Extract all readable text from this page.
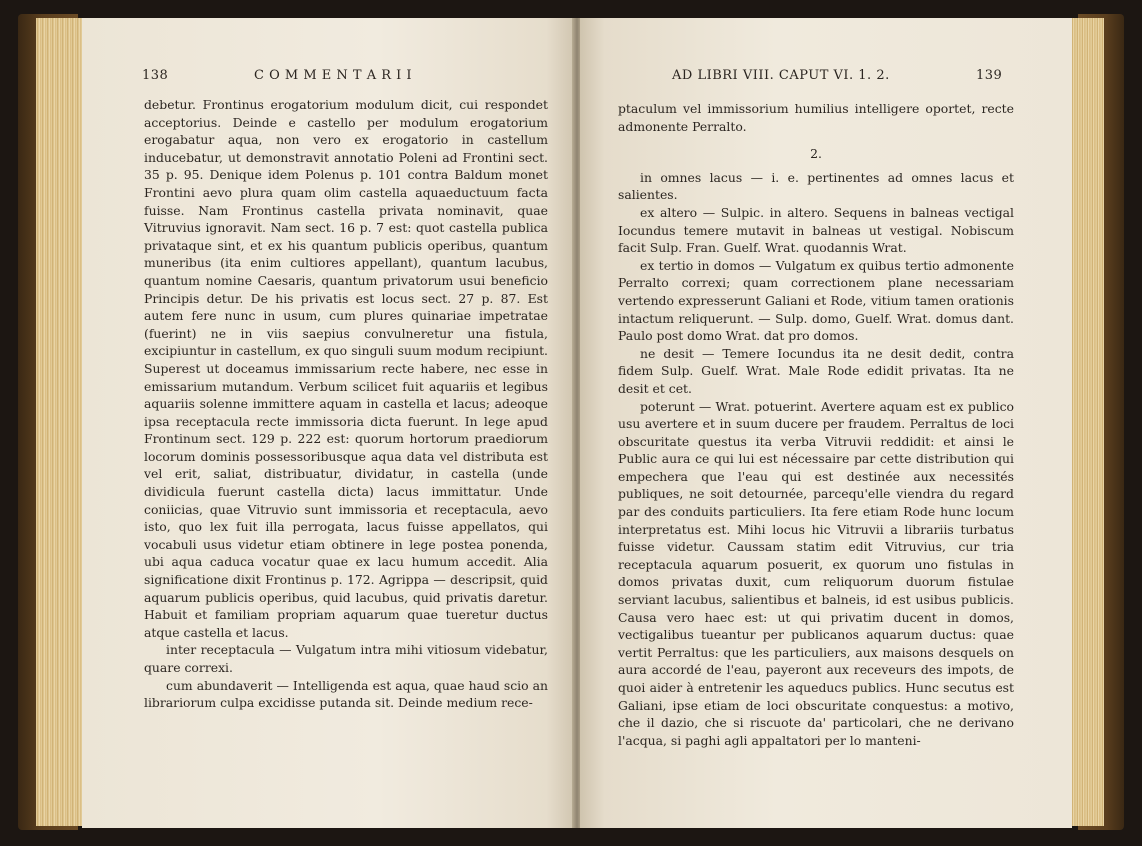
138	C O M M E N T A R I I

debetur. Frontinus erogatorium modulum dicit, cui respondet acceptorius. Deinde e castello per modulum erogatorium erogabatur aqua, non vero ex erogatorio in castellum inducebatur, ut demonstravit annotatio Poleni ad Frontini sect. 35 p. 95. Denique idem Polenus p. 101 contra Baldum monet Frontini aevo plura quam olim castella aquaeductuum facta fuisse. Nam Frontinus castella privata nominavit, quae Vitruvius ignoravit. Nam sect. 16 p. 7 est: quot castella publica privataque sint, et ex his quantum publicis operibus, quantum muneribus (ita enim cultiores appellant), quantum lacubus, quantum nomine Caesaris, quantum privatorum usui beneficio Principis detur. De his privatis est locus sect. 27 p. 87. Est autem fere nunc in usum, cum plures quinariae impetratae (fuerint) ne in viis saepius convulneretur una fistula, excipiuntur in castellum, ex quo singuli suum modum recipiunt. Superest ut doceamus immissarium recte habere, nec esse in emissarium mutandum. Verbum scilicet fuit aquariis et legibus aquariis solenne immittere aquam in castella et lacus; adeoque ipsa receptacula recte immissoria dicta fuerunt. In lege apud Frontinum sect. 129 p. 222 est: quorum hortorum praediorum locorum dominis possessoribusque aqua data vel distributa est vel erit, saliat, distribuatur, dividatur, in castella (unde dividicula fuerunt castella dicta) lacus immittatur. Unde coniicias, quae Vitruvio sunt immissoria et receptacula, aevo isto, quo lex fuit illa perrogata, lacus fuisse appellatos, qui vocabuli usus videtur etiam obtinere in lege postea ponenda, ubi aqua caduca vocatur quae ex lacu humum accedit. Alia significatione dixit Frontinus p. 172. Agrippa — descripsit, quid aquarum publicis operibus, quid lacubus, quid privatis daretur. Habuit et familiam propriam aquarum quae tueretur ductus atque castella et lacus.

inter receptacula — Vulgatum intra mihi vitiosum videbatur, quare correxi.

cum abundaverit — Intelligenda est aqua, quae haud scio an librariorum culpa excidisse putanda sit. Deinde medium rece-

AD LIBRI VIII. CAPUT VI. 1. 2.	139

ptaculum vel immissorium humilius intelligere oportet, recte admonente Perralto.

2.

in omnes lacus — i. e. pertinentes ad omnes lacus et salientes.

ex altero — Sulpic. in altero. Sequens in balneas vectigal Iocundus temere mutavit in balneas ut vestigal. Nobiscum facit Sulp. Fran. Guelf. Wrat. quodannis Wrat.

ex tertio in domos — Vulgatum ex quibus tertio admonente Perralto correxi; quam correctionem plane necessariam vertendo expresserunt Galiani et Rode, vitium tamen orationis intactum reliquerunt. — Sulp. domo, Guelf. Wrat. domus dant. Paulo post domo Wrat. dat pro domos.

ne desit — Temere Iocundus ita ne desit dedit, contra fidem Sulp. Guelf. Wrat. Male Rode edidit privatas. Ita ne desit et cet.

poterunt — Wrat. potuerint. Avertere aquam est ex publico usu avertere et in suum ducere per fraudem. Perraltus de loci obscuritate questus ita verba Vitruvii reddidit: et ainsi le Public aura ce qui lui est nécessaire par cette distribution qui empechera que l'eau qui est destinée aux necessités publiques, ne soit detournée, parcequ'elle viendra du regard par des conduits particuliers. Ita fere etiam Rode hunc locum interpretatus est. Mihi locus hic Vitruvii a librariis turbatus fuisse videtur. Caussam statim edit Vitruvius, cur tria receptacula aquarum posuerit, ex quorum uno fistulas in domos privatas duxit, cum reliquorum duorum fistulae serviant lacubus, salientibus et balneis, id est usibus publicis. Causa vero haec est: ut qui privatim ducent in domos, vectigalibus tueantur per publicanos aquarum ductus: quae vertit Perraltus: que les particuliers, aux maisons desquels on aura accordé de l'eau, payeront aux receveurs des impots, de quoi aider à entretenir les aqueducs publics. Hunc secutus est Galiani, ipse etiam de loci obscuritate conquestus: a motivo, che il dazio, che si riscuote da' particolari, che ne derivano l'acqua, si paghi agli appaltatori per lo manteni-
